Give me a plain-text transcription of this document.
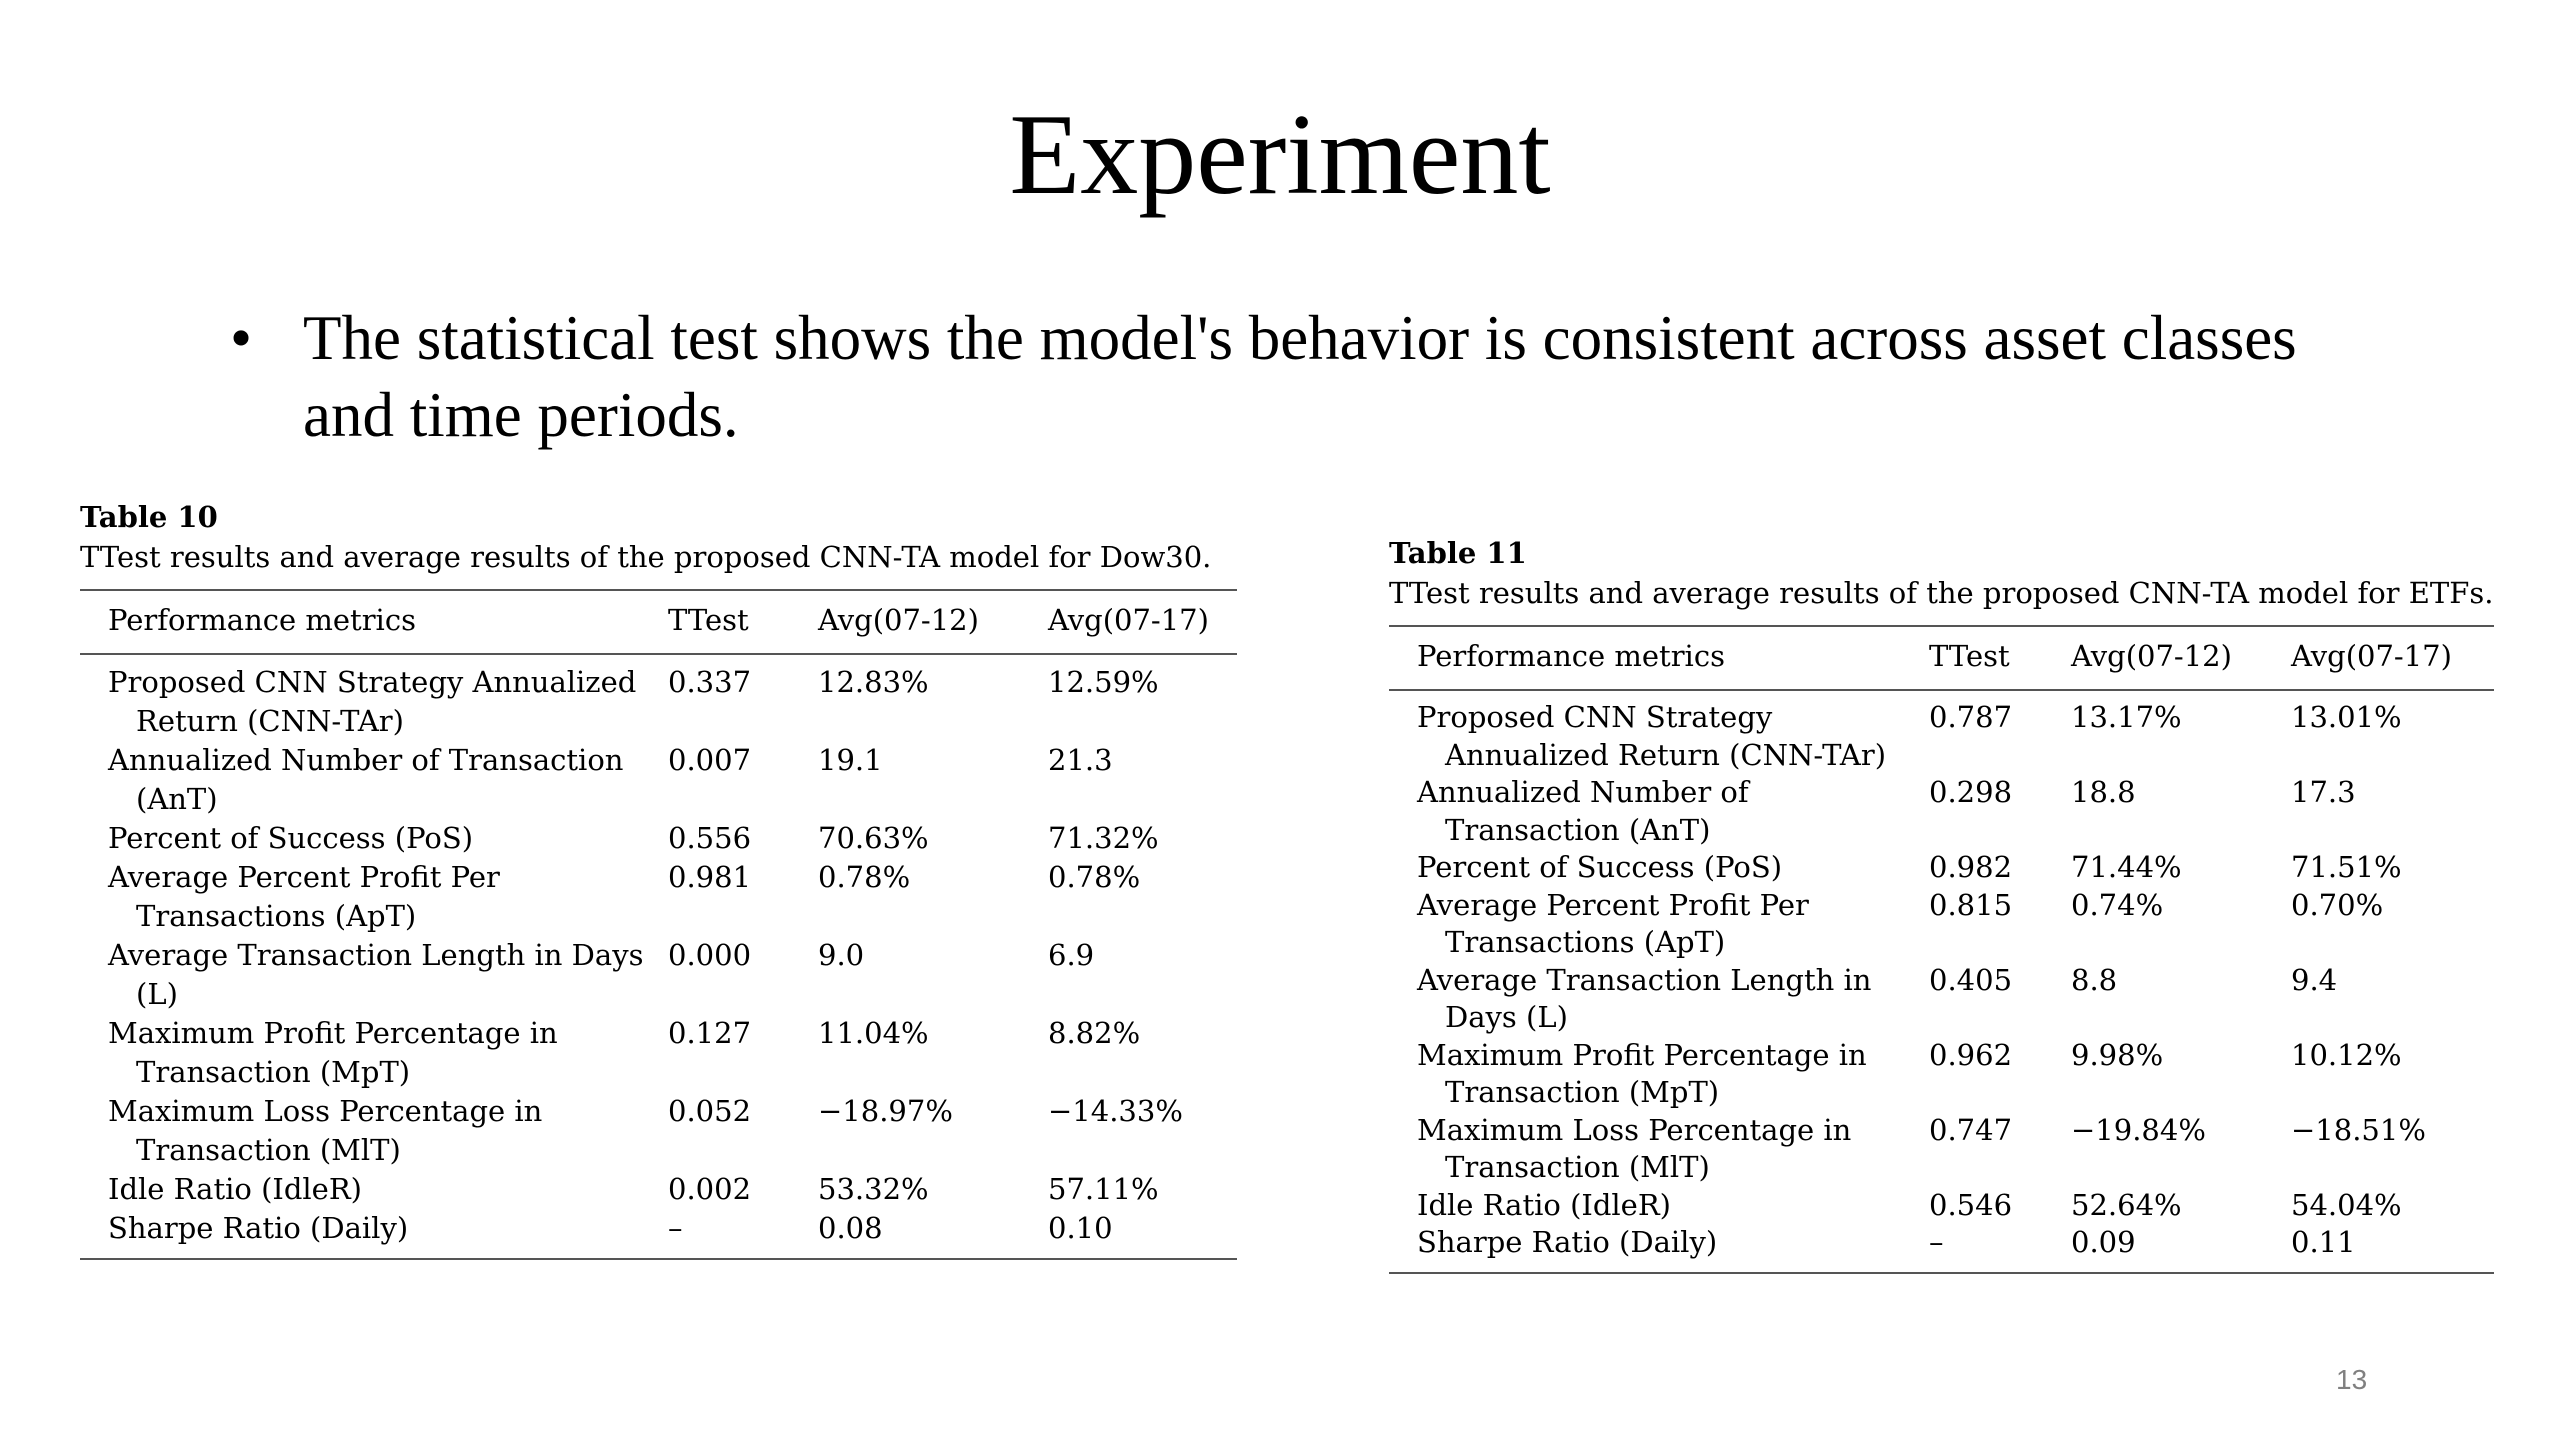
Experiment
• The statistical test shows the model's behavior is consistent across asset classes and time periods.
Table 10
TTest results and average results of the proposed CNN-TA model for Dow30.
Performance metrics	TTest	Avg(07-12)	Avg(07-17)

Proposed CNN Strategy Annualized Return (CNN-TAr)	0.337	12.83%	12.59%

Annualized Number of Transaction (AnT)	0.007	19.1	21.3

Percent of Success (PoS)	0.556	70.63%	71.32%

Average Percent Profit Per Transactions (ApT)	0.981	0.78%	0.78%

Average Transaction Length in Days (L)	0.000	9.0	6.9

Maximum Profit Percentage in Transaction (MpT)	0.127	11.04%	8.82%

Maximum Loss Percentage in Transaction (MlT)	0.052	−18.97%	−14.33%

Idle Ratio (IdleR)	0.002	53.32%	57.11%

Sharpe Ratio (Daily)	–	0.08	0.10
Table 11
TTest results and average results of the proposed CNN-TA model for ETFs.
Performance metrics	TTest	Avg(07-12)	Avg(07-17)

Proposed CNN Strategy Annualized Return (CNN-TAr)	0.787	13.17%	13.01%

Annualized Number of Transaction (AnT)	0.298	18.8	17.3

Percent of Success (PoS)	0.982	71.44%	71.51%

Average Percent Profit Per Transactions (ApT)	0.815	0.74%	0.70%

Average Transaction Length in Days (L)	0.405	8.8	9.4

Maximum Profit Percentage in Transaction (MpT)	0.962	9.98%	10.12%

Maximum Loss Percentage in Transaction (MlT)	0.747	−19.84%	−18.51%

Idle Ratio (IdleR)	0.546	52.64%	54.04%

Sharpe Ratio (Daily)	–	0.09	0.11
13
